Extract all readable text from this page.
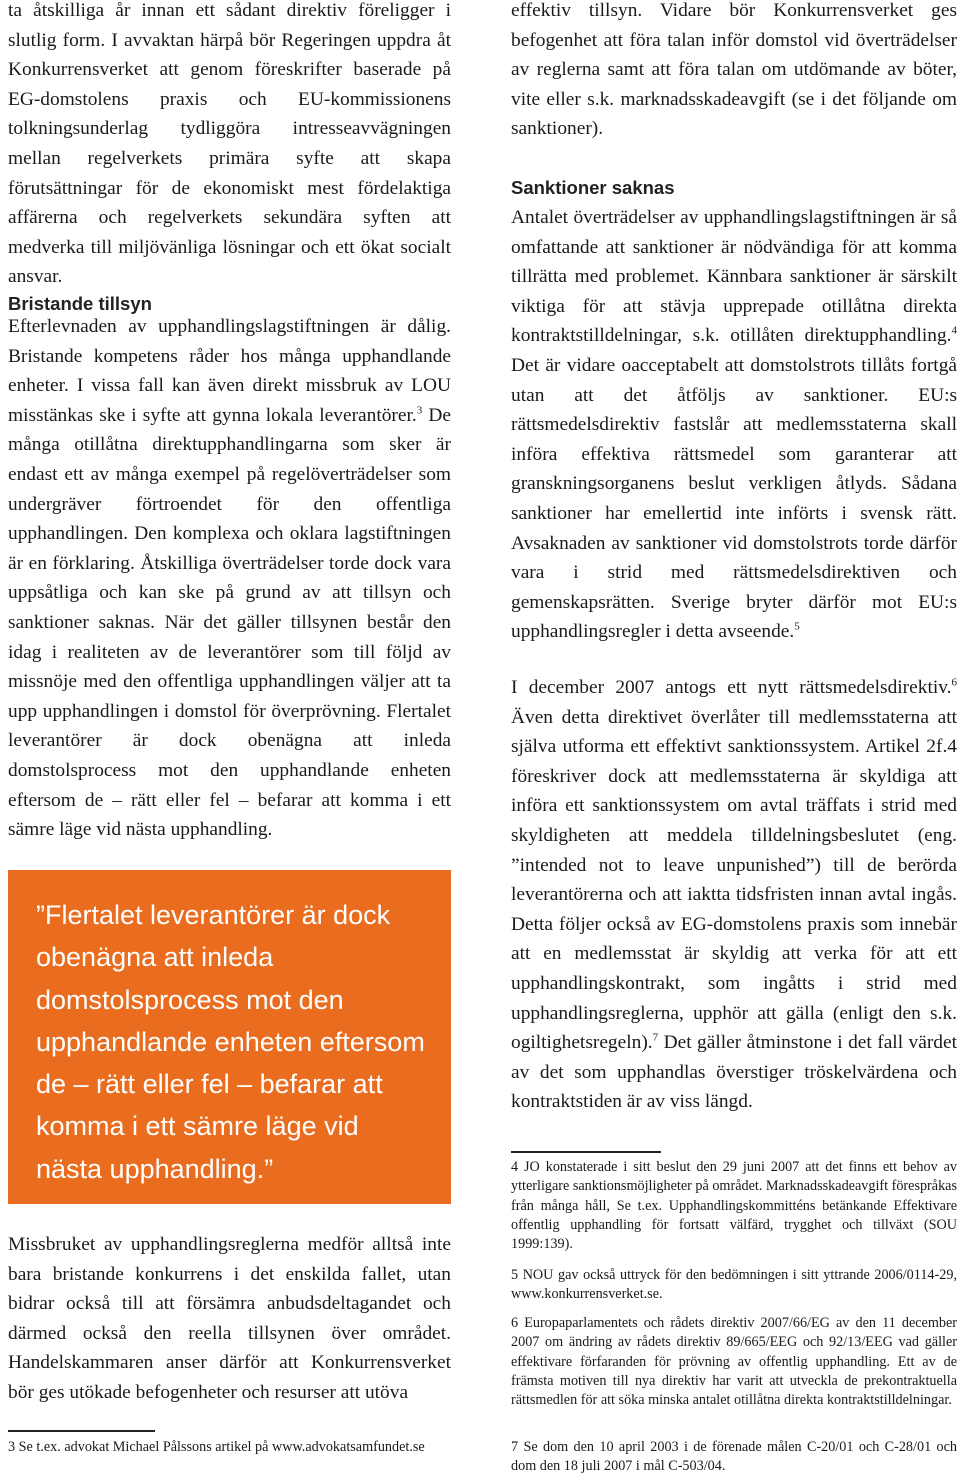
ta åtskilliga år innan ett sådant direktiv föreligger i slutlig form. I avvaktan härpå bör Regeringen uppdra åt Konkurrensverket att genom föreskrifter baserade på EG-domstolens praxis och EU-kommissionens tolkningsunderlag tydliggöra intresseavvägningen mellan regelverkets primära syfte att skapa förutsättningar för de ekonomiskt mest fördelaktiga affärerna och regelverkets sekundära syften att medverka till miljövänliga lösningar och ett ökat socialt ansvar.

Bristande tillsyn

Efterlevnaden av upphandlingslagstiftningen är dålig. Bristande kompetens råder hos många upphandlande enheter. I vissa fall kan även direkt missbruk av LOU misstänkas ske i syfte att gynna lokala leverantörer.$^3$ De många otillåtna direktupphandlingarna som sker är endast ett av många exempel på regelöverträdelser som undergräver förtroendet för den offentliga upphandlingen. Den komplexa och oklara lagstiftningen är en förklaring. Åtskilliga överträdelser torde dock vara uppsåtliga och kan ske på grund av att tillsyn och sanktioner saknas. När det gäller tillsynen består den idag i realiteten av de leverantörer som till följd av missnöje med den offentliga upphandlingen väljer att ta upp upphandlingen i domstol för överprövning. Flertalet leverantörer är dock obenägna att inleda domstolsprocess mot den upphandlande enheten eftersom de – rätt eller fel – befarar att komma i ett sämre läge vid nästa upphandling.

”Flertalet leverantörer är dock obenägna att inleda domstolsprocess mot den upphandlande enheten eftersom de – rätt eller fel – befarar att komma i ett sämre läge vid nästa upphandling.”

Missbruket av upphandlingsreglerna medför alltså inte bara bristande konkurrens i det enskilda fallet, utan bidrar också till att försämra anbudsdeltagandet och därmed också den reella tillsynen över området. Handelskammaren anser därför att Konkurrensverket bör ges utökade befogenheter och resurser att utöva

3 Se t.ex. advokat Michael Pålssons artikel på www.advokatsamfundet.se

effektiv tillsyn. Vidare bör Konkurrensverket ges befogenhet att föra talan inför domstol vid överträdelser av reglerna samt att föra talan om utdömande av böter, vite eller s.k. marknadsskadeavgift (se i det följande om sanktioner).

Sanktioner saknas

Antalet överträdelser av upphandlingslagstiftningen är så omfattande att sanktioner är nödvändiga för att komma tillrätta med problemet. Kännbara sanktioner är särskilt viktiga för att stävja upprepade otillåtna direkta kontraktstilldelningar, s.k. otillåten direktupphandling.$^4$ Det är vidare oacceptabelt att domstolstrots tillåts fortgå utan att det åtföljs av sanktioner. EU:s rättsmedelsdirektiv fastslår att medlemsstaterna skall införa effektiva rättsmedel som garanterar att granskningsorganens beslut verkligen åtlyds. Sådana sanktioner har emellertid inte införts i svensk rätt. Avsaknaden av sanktioner vid domstolstrots torde därför vara i strid med rättsmedelsdirektiven och gemenskapsrätten. Sverige bryter därför mot EU:s upphandlingsregler i detta avseende.$^5$

I december 2007 antogs ett nytt rättsmedelsdirektiv.$^6$ Även detta direktivet överlåter till medlemsstaterna att själva utforma ett effektivt sanktionssystem. Artikel 2f.4 föreskriver dock att medlemsstaterna är skyldiga att införa ett sanktionssystem om avtal träffats i strid med skyldigheten att meddela tilldelningsbeslutet (eng. ”intended not to leave unpunished”) till de berörda leverantörerna och att iaktta tidsfristen innan avtal ingås. Detta följer också av EG-domstolens praxis som innebär att en medlemsstat är skyldig att verka för att ett upphandlingskontrakt, som ingåtts i strid med upphandlingsreglerna, upphör att gälla (enligt den s.k. ogiltighetsregeln).$^7$ Det gäller åtminstone i det fall värdet av det som upphandlas överstiger tröskelvärdena och kontraktstiden är av viss längd.

4 JO konstaterade i sitt beslut den 29 juni 2007 att det finns ett behov av ytterligare sanktionsmöjligheter på området. Marknadsskadeavgift förespråkas från många håll, Se t.ex. Upphandlingskommitténs betänkande Effektivare offentlig upphandling för fortsatt välfärd, trygghet och tillväxt (SOU 1999:139).

5 NOU gav också uttryck för den bedömningen i sitt yttrande 2006/0114-29, www.konkurrensverket.se.

6 Europaparlamentets och rådets direktiv 2007/66/EG av den 11 december 2007 om ändring av rådets direktiv 89/665/EEG och 92/13/EEG vad gäller effektivare förfaranden för prövning av offentlig upphandling. Ett av de främsta motiven till nya direktiv har varit att utveckla de prekontraktuella rättsmedlen för att söka minska antalet otillåtna direkta kontraktstilldelningar.

7 Se dom den 10 april 2003 i de förenade målen C-20/01 och C-28/01 och dom den 18 juli 2007 i mål C-503/04.
